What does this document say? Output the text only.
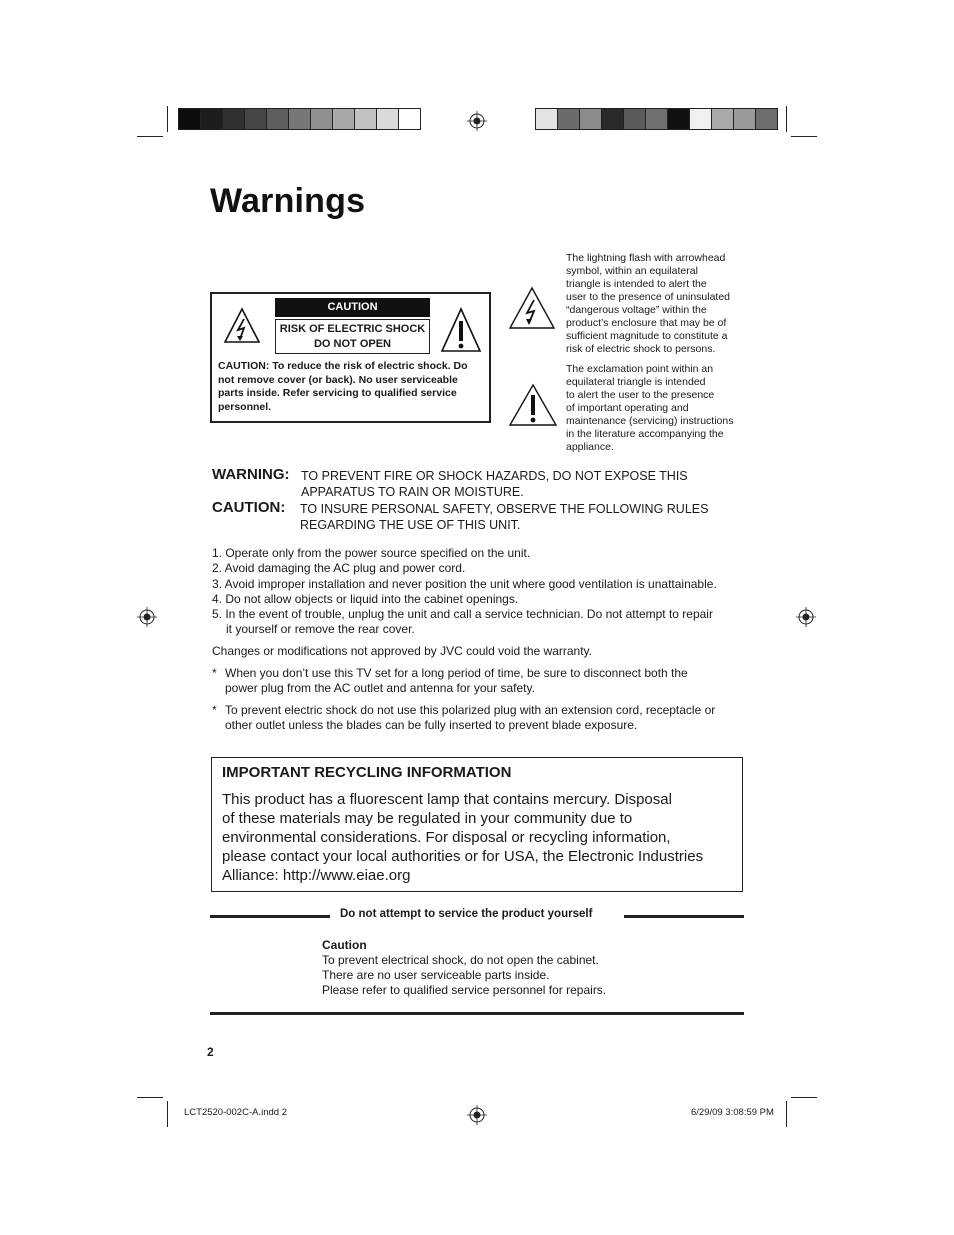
Warnings
CAUTION
RISK OF ELECTRIC SHOCK
DO NOT OPEN
CAUTION: To reduce the risk of electric shock. Do not remove cover (or back). No user serviceable parts inside. Refer servicing to qualified service personnel.
The lightning flash with arrowhead
symbol, within an equilateral
triangle is intended to alert the
user to the presence of uninsulated
“dangerous voltage” within the
product’s enclosure that may be of
sufficient magnitude to constitute a
risk of electric shock to persons.
The exclamation point within an
equilateral triangle is intended
to alert the user to the presence
of important operating and
maintenance (servicing) instructions
in the literature accompanying the
appliance.
WARNING: TO PREVENT FIRE OR SHOCK HAZARDS, DO NOT EXPOSE THIS
APPARATUS TO RAIN OR MOISTURE.
CAUTION: TO INSURE PERSONAL SAFETY, OBSERVE THE FOLLOWING RULES
REGARDING THE USE OF THIS UNIT.
1. Operate only from the power source specified on the unit.
2. Avoid damaging the AC plug and power cord.
3. Avoid improper installation and never position the unit where good ventilation is unattainable.
4. Do not allow objects or liquid into the cabinet openings.
5. In the event of trouble, unplug the unit and call a service technician. Do not attempt to repair
it yourself or remove the rear cover.
Changes or modifications not approved by JVC could void the warranty.
* When you don’t use this TV set for a long period of time, be sure to disconnect both the
power plug from the AC outlet and antenna for your safety.
* To prevent electric shock do not use this polarized plug with an extension cord, receptacle or
other outlet unless the blades can be fully inserted to prevent blade exposure.
IMPORTANT RECYCLING INFORMATION
This product has a fluorescent lamp that contains mercury. Disposal
of these materials may be regulated in your community due to
environmental considerations. For disposal or recycling information,
please contact your local authorities or for USA, the Electronic Industries
Alliance: http://www.eiae.org
Do not attempt to service the product yourself
Caution
To prevent electrical shock, do not open the cabinet.
There are no user serviceable parts inside.
Please refer to qualified service personnel for repairs.
2
LCT2520-002C-A.indd 2	6/29/09 3:08:59 PM
